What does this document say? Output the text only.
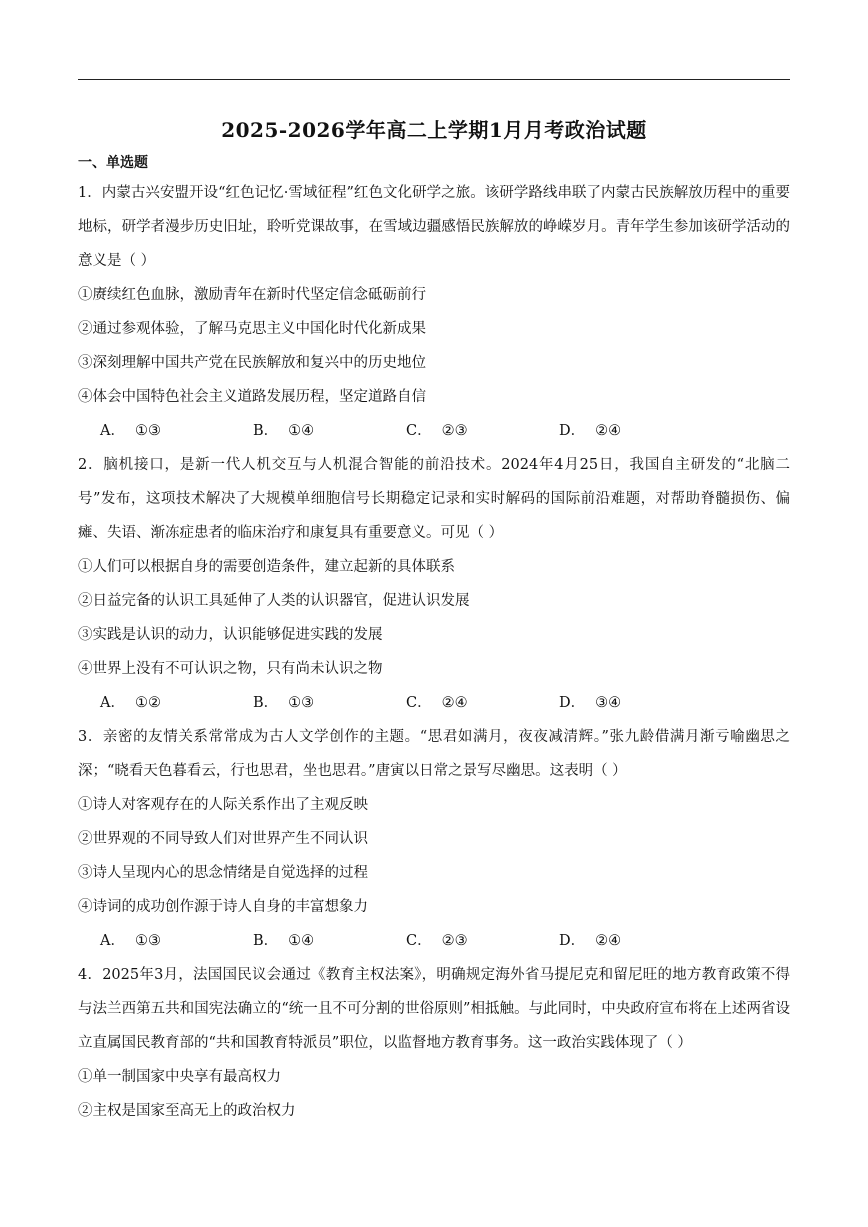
2025-2026学年高二上学期1月月考政治试题
一、单选题
1．内蒙古兴安盟开设“红色记忆·雪域征程”红色文化研学之旅。该研学路线串联了内蒙古民族解放历程中的重要地标，研学者漫步历史旧址，聆听党课故事，在雪域边疆感悟民族解放的峥嵘岁月。青年学生参加该研学活动的意义是（ ）
①赓续红色血脉，激励青年在新时代坚定信念砥砺前行
②通过参观体验，了解马克思主义中国化时代化新成果
③深刻理解中国共产党在民族解放和复兴中的历史地位
④体会中国特色社会主义道路发展历程，坚定道路自信
A． ①③	B． ①④	C． ②③	D． ②④
2．脑机接口，是新一代人机交互与人机混合智能的前沿技术。2024年4月25日，我国自主研发的“北脑二号”发布，这项技术解决了大规模单细胞信号长期稳定记录和实时解码的国际前沿难题，对帮助脊髓损伤、偏瘫、失语、渐冻症患者的临床治疗和康复具有重要意义。可见（ ）
①人们可以根据自身的需要创造条件，建立起新的具体联系
②日益完备的认识工具延伸了人类的认识器官，促进认识发展
③实践是认识的动力，认识能够促进实践的发展
④世界上没有不可认识之物，只有尚未认识之物
A． ①②	B． ①③	C． ②④	D． ③④
3．亲密的友情关系常常成为古人文学创作的主题。“思君如满月，夜夜减清辉。”张九龄借满月渐亏喻幽思之深；“晓看天色暮看云，行也思君，坐也思君。”唐寅以日常之景写尽幽思。这表明（ ）
①诗人对客观存在的人际关系作出了主观反映
②世界观的不同导致人们对世界产生不同认识
③诗人呈现内心的思念情绪是自觉选择的过程
④诗词的成功创作源于诗人自身的丰富想象力
A． ①③	B． ①④	C． ②③	D． ②④
4．2025年3月，法国国民议会通过《教育主权法案》，明确规定海外省马提尼克和留尼旺的地方教育政策不得与法兰西第五共和国宪法确立的“统一且不可分割的世俗原则”相抵触。与此同时，中央政府宣布将在上述两省设立直属国民教育部的“共和国教育特派员”职位，以监督地方教育事务。这一政治实践体现了（ ）
①单一制国家中央享有最高权力
②主权是国家至高无上的政治权力
